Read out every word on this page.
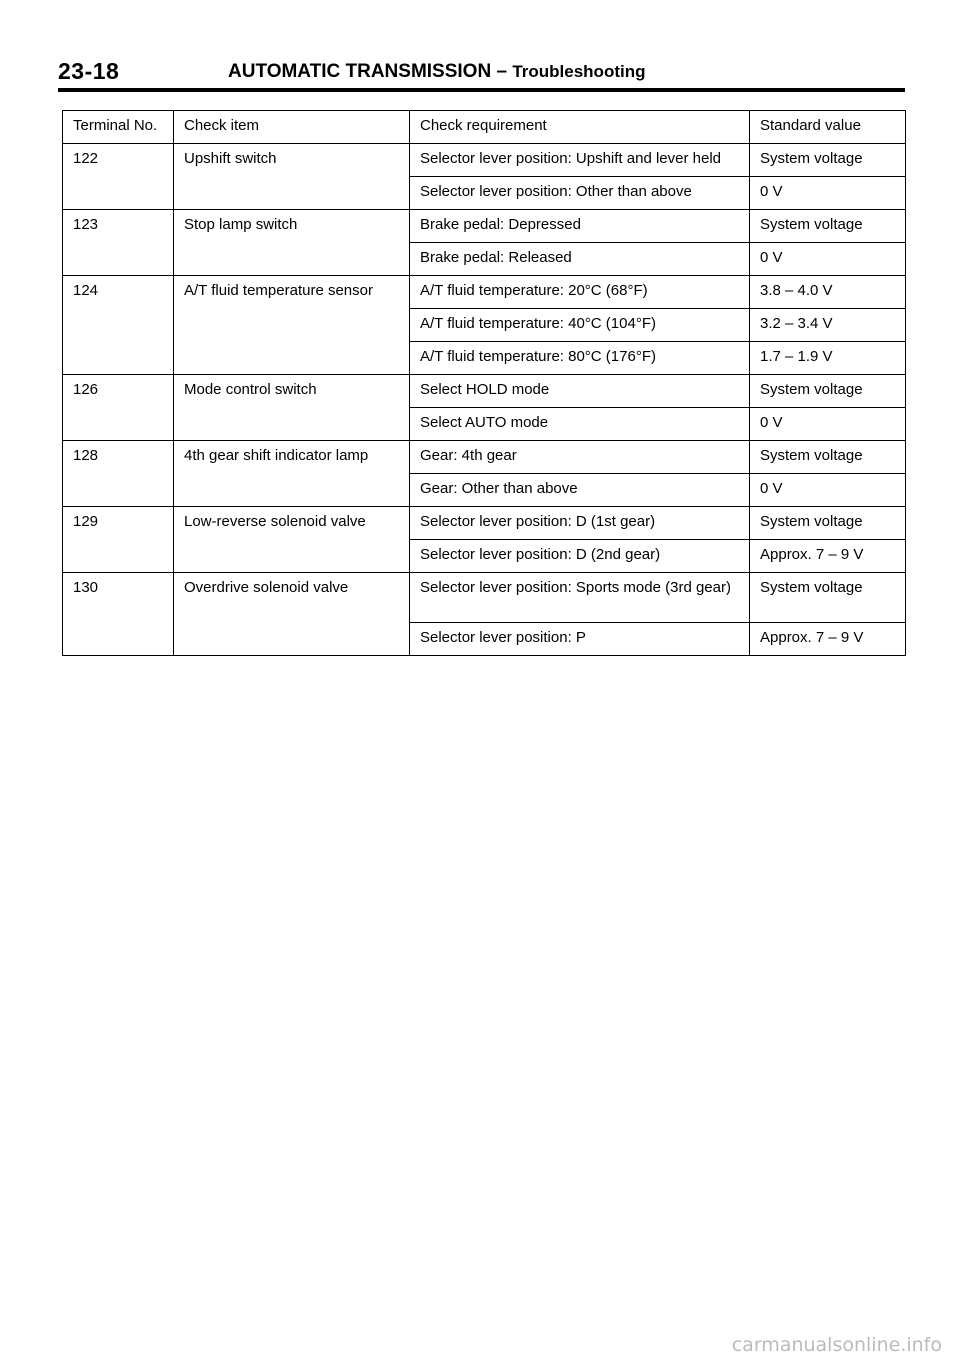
23-18	AUTOMATIC TRANSMISSION – Troubleshooting
Terminal No.	Check item	Check requirement	Standard value
122	Upshift switch	Selector lever position: Upshift and lever held	System voltage
		Selector lever position: Other than above	0 V
123	Stop lamp switch	Brake pedal: Depressed	System voltage
		Brake pedal: Released	0 V
124	A/T fluid temperature sensor	A/T fluid temperature: 20°C (68°F)	3.8 – 4.0 V
		A/T fluid temperature: 40°C (104°F)	3.2 – 3.4 V
		A/T fluid temperature: 80°C (176°F)	1.7 – 1.9 V
126	Mode control switch	Select HOLD mode	System voltage
		Select AUTO mode	0 V
128	4th gear shift indicator lamp	Gear: 4th gear	System voltage
		Gear: Other than above	0 V
129	Low-reverse solenoid valve	Selector lever position: D (1st gear)	System voltage
		Selector lever position: D (2nd gear)	Approx. 7 – 9 V
130	Overdrive solenoid valve	Selector lever position: Sports mode (3rd gear)	System voltage
		Selector lever position: P	Approx. 7 – 9 V
carmanualsonline.info
